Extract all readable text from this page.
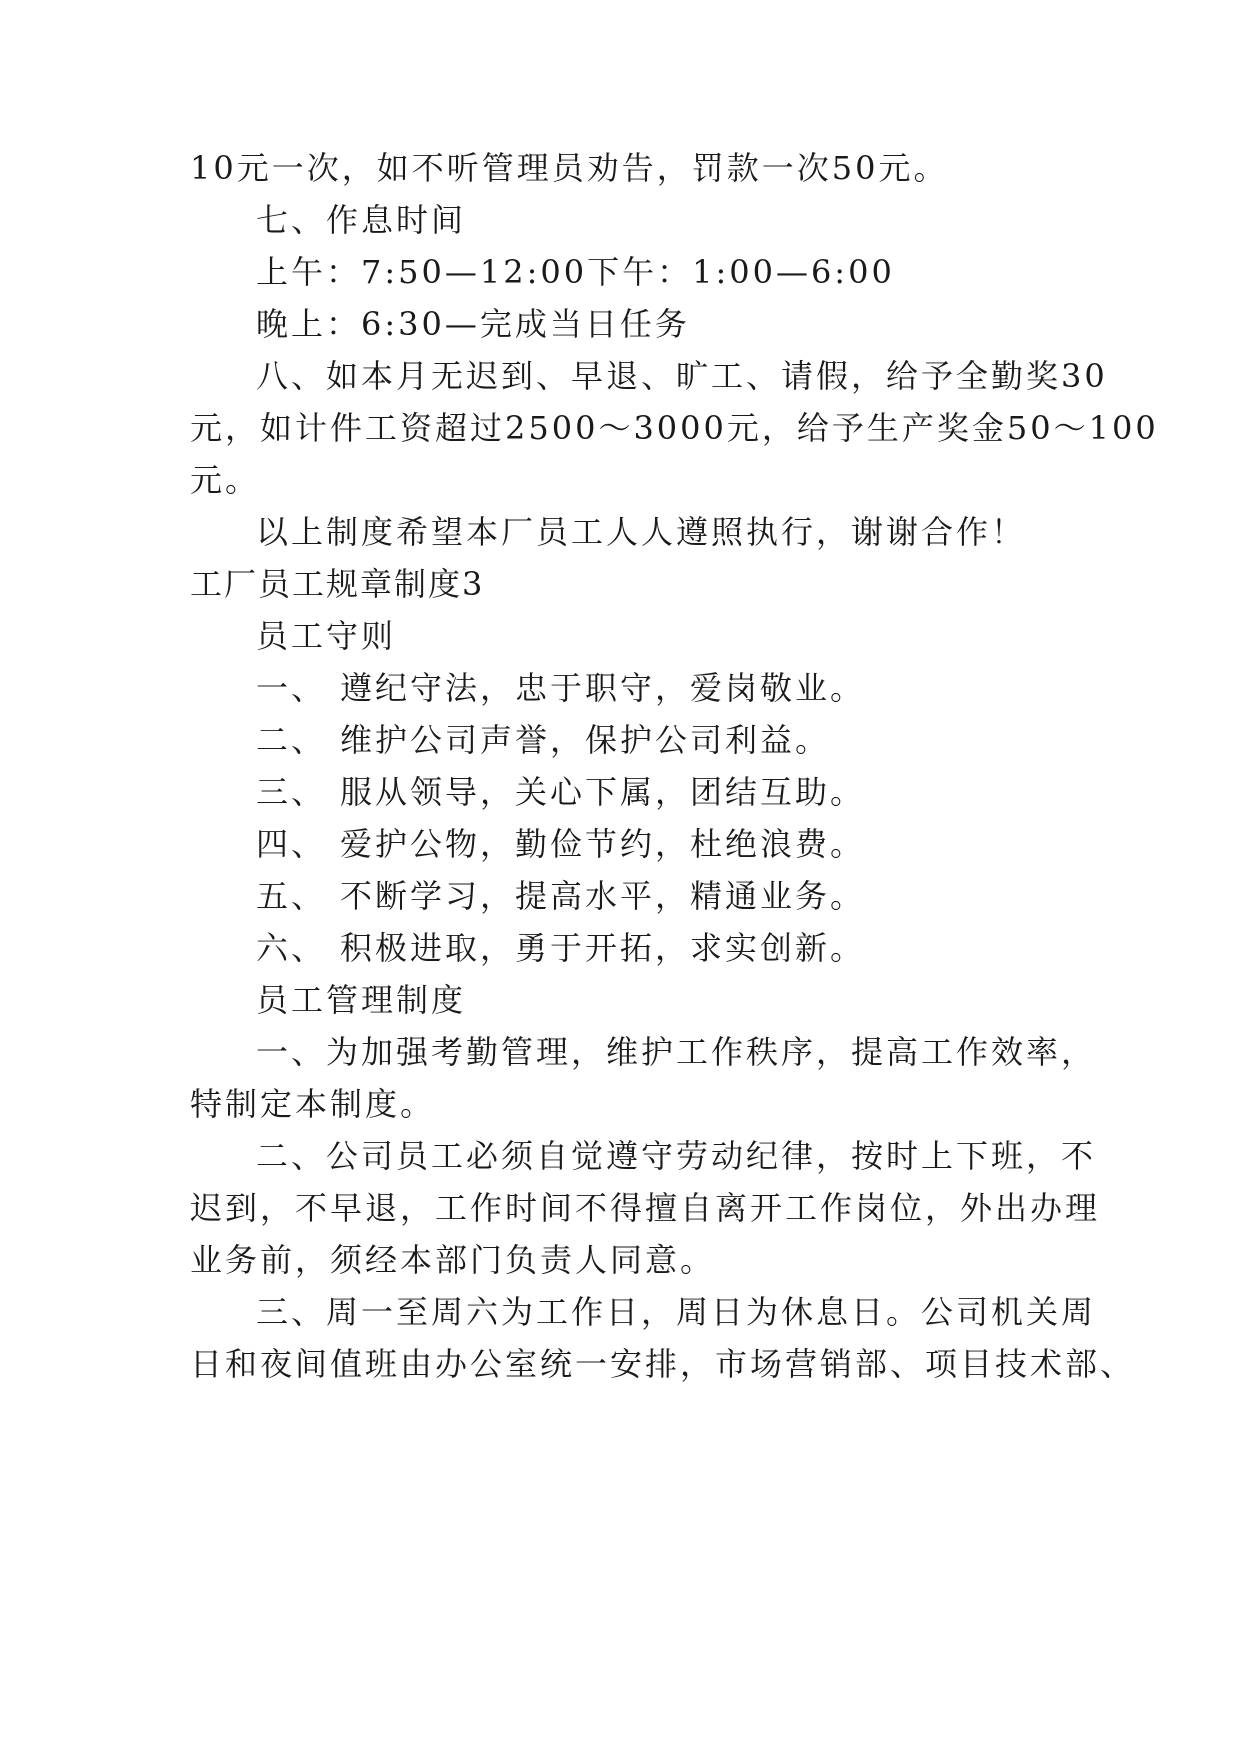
10元一次，如不听管理员劝告，罚款一次50元。
七、作息时间
上午：7:50—12:00下午：1:00—6:00
晚上：6:30—完成当日任务
八、如本月无迟到、早退、旷工、请假，给予全勤奖30
元，如计件工资超过2500～3000元，给予生产奖金50～100
元。
以上制度希望本厂员工人人遵照执行，谢谢合作！
工厂员工规章制度3
员工守则
一、 遵纪守法，忠于职守，爱岗敬业。
二、 维护公司声誉，保护公司利益。
三、 服从领导，关心下属，团结互助。
四、 爱护公物，勤俭节约，杜绝浪费。
五、 不断学习，提高水平，精通业务。
六、 积极进取，勇于开拓，求实创新。
员工管理制度
一、为加强考勤管理，维护工作秩序，提高工作效率，
特制定本制度。
二、公司员工必须自觉遵守劳动纪律，按时上下班，不
迟到，不早退，工作时间不得擅自离开工作岗位，外出办理
业务前，须经本部门负责人同意。
三、周一至周六为工作日，周日为休息日。公司机关周
日和夜间值班由办公室统一安排，市场营销部、项目技术部、
